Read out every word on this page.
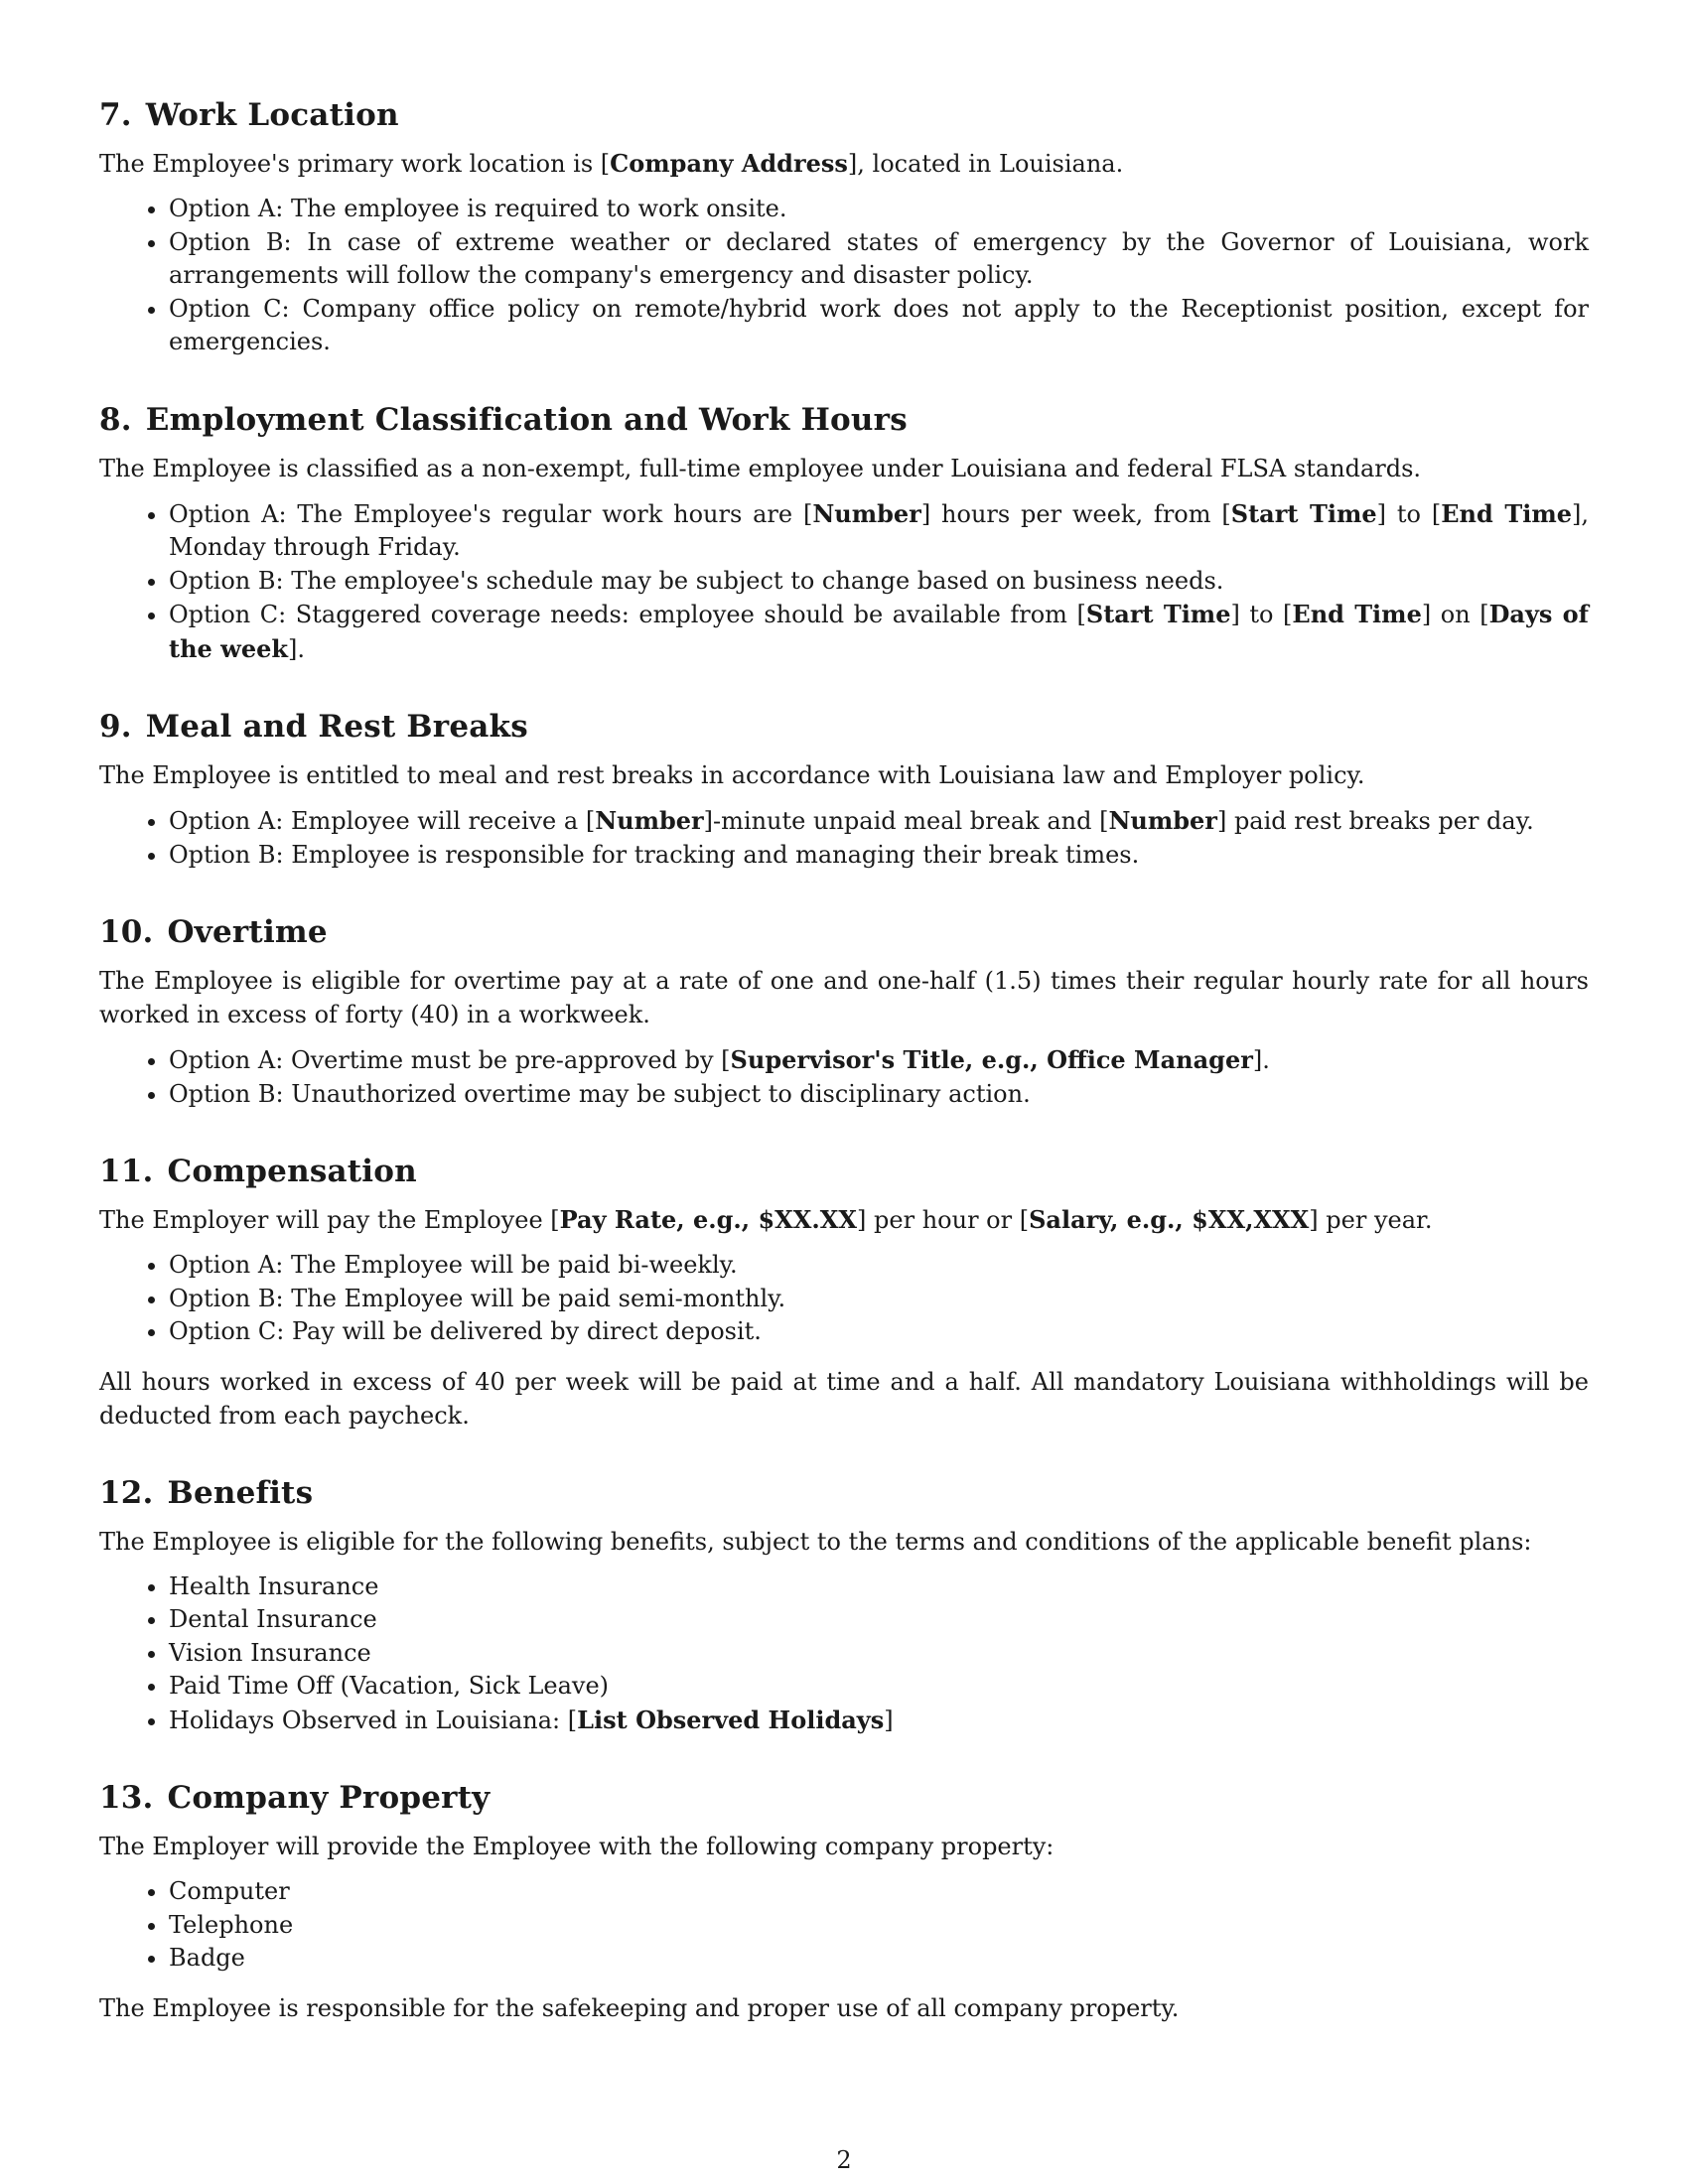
7. Work Location

The Employee's primary work location is [Company Address], located in Louisiana.

• Option A: The employee is required to work onsite.
• Option B: In case of extreme weather or declared states of emergency by the Governor of Louisiana, work arrangements will follow the company's emergency and disaster policy.
• Option C: Company office policy on remote/hybrid work does not apply to the Receptionist position, except for emergencies.
8. Employment Classification and Work Hours

The Employee is classified as a non-exempt, full-time employee under Louisiana and federal FLSA standards.

• Option A: The Employee's regular work hours are [Number] hours per week, from [Start Time] to [End Time], Monday through Friday.
• Option B: The employee's schedule may be subject to change based on business needs.
• Option C: Staggered coverage needs: employee should be available from [Start Time] to [End Time] on [Days of the week].
9. Meal and Rest Breaks

The Employee is entitled to meal and rest breaks in accordance with Louisiana law and Employer policy.

• Option A: Employee will receive a [Number]-minute unpaid meal break and [Number] paid rest breaks per day.
• Option B: Employee is responsible for tracking and managing their break times.
10. Overtime

The Employee is eligible for overtime pay at a rate of one and one-half (1.5) times their regular hourly rate for all hours worked in excess of forty (40) in a workweek.

• Option A: Overtime must be pre-approved by [Supervisor's Title, e.g., Office Manager].
• Option B: Unauthorized overtime may be subject to disciplinary action.
11. Compensation

The Employer will pay the Employee [Pay Rate, e.g., $XX.XX] per hour or [Salary, e.g., $XX,XXX] per year.

• Option A: The Employee will be paid bi-weekly.
• Option B: The Employee will be paid semi-monthly.
• Option C: Pay will be delivered by direct deposit.

All hours worked in excess of 40 per week will be paid at time and a half. All mandatory Louisiana withholdings will be deducted from each paycheck.

12. Benefits

The Employee is eligible for the following benefits, subject to the terms and conditions of the applicable benefit plans:

• Health Insurance
• Dental Insurance
• Vision Insurance
• Paid Time Off (Vacation, Sick Leave)
• Holidays Observed in Louisiana: [List Observed Holidays]
13. Company Property

The Employer will provide the Employee with the following company property:

• Computer
• Telephone
• Badge

The Employee is responsible for the safekeeping and proper use of all company property.

2
